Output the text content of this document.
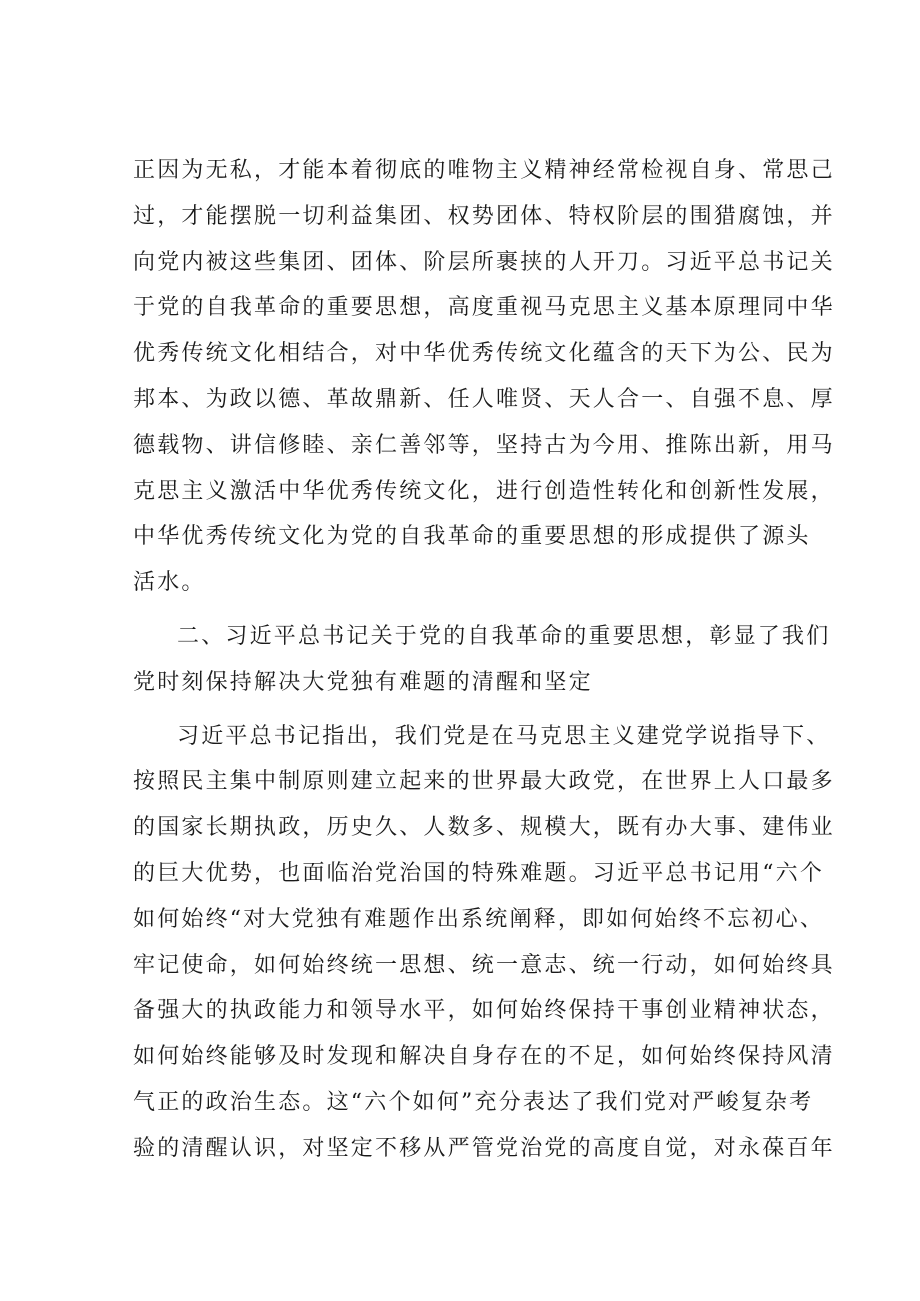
正因为无私，才能本着彻底的唯物主义精神经常检视自身、常思己
过，才能摆脱一切利益集团、权势团体、特权阶层的围猎腐蚀，并
向党内被这些集团、团体、阶层所裹挟的人开刀。习近平总书记关
于党的自我革命的重要思想，高度重视马克思主义基本原理同中华
优秀传统文化相结合，对中华优秀传统文化蕴含的天下为公、民为
邦本、为政以德、革故鼎新、任人唯贤、天人合一、自强不息、厚
德载物、讲信修睦、亲仁善邻等，坚持古为今用、推陈出新，用马
克思主义激活中华优秀传统文化，进行创造性转化和创新性发展，
中华优秀传统文化为党的自我革命的重要思想的形成提供了源头
活水。
二、习近平总书记关于党的自我革命的重要思想，彰显了我们
党时刻保持解决大党独有难题的清醒和坚定
习近平总书记指出，我们党是在马克思主义建党学说指导下、
按照民主集中制原则建立起来的世界最大政党，在世界上人口最多
的国家长期执政，历史久、人数多、规模大，既有办大事、建伟业
的巨大优势，也面临治党治国的特殊难题。习近平总书记用“六个
如何始终“对大党独有难题作出系统阐释，即如何始终不忘初心、
牢记使命，如何始终统一思想、统一意志、统一行动，如何始终具
备强大的执政能力和领导水平，如何始终保持干事创业精神状态，
如何始终能够及时发现和解决自身存在的不足，如何始终保持风清
气正的政治生态。这“六个如何”充分表达了我们党对严峻复杂考
验的清醒认识，对坚定不移从严管党治党的高度自觉，对永葆百年
